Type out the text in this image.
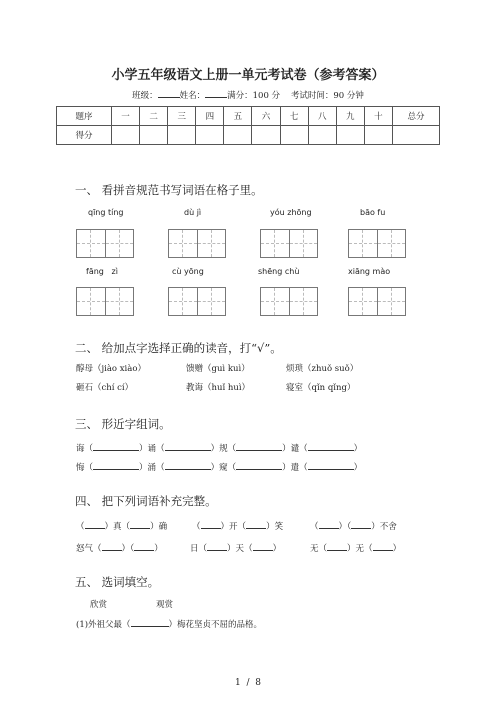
小学五年级语文上册一单元考试卷（参考答案）
班级：	姓名：	满分：100 分 考试时间：90 分钟
题序	一	二	三	四	五	六	七	八	九	十	总分
得分											
一、 看拼音规范书写词语在格子里。
qīng tíng	dù jì	yóu zhōng	bāo fu
fāng   zì	cù yōng	shēng chù	xiāng mào
二、 给加点字选择正确的读音，打“√”。
醇母（jiào xiào）	馈赠（guì kuì）	烦琐（zhuǒ suǒ）
砸石（chí cí）	教诲（huǐ huì）	寝室（qǐn qǐng）
三、 形近字组词。
诲（	）诵（	）规（	）谴（	）
悔（	）涌（	）窥（	）遣（	）
四、 把下列词语补充完整。
（ ）真（ ）确	（ ）开（ ）笑	（ ）（ ）不舍
怒气（ ）（ ）	日（ ）天（ ）	无（ ）无（ ）
五、 选词填空。
欣赏	观赏
(1)外祖父最（	）梅花坚贞不屈的品格。
1  /  8
